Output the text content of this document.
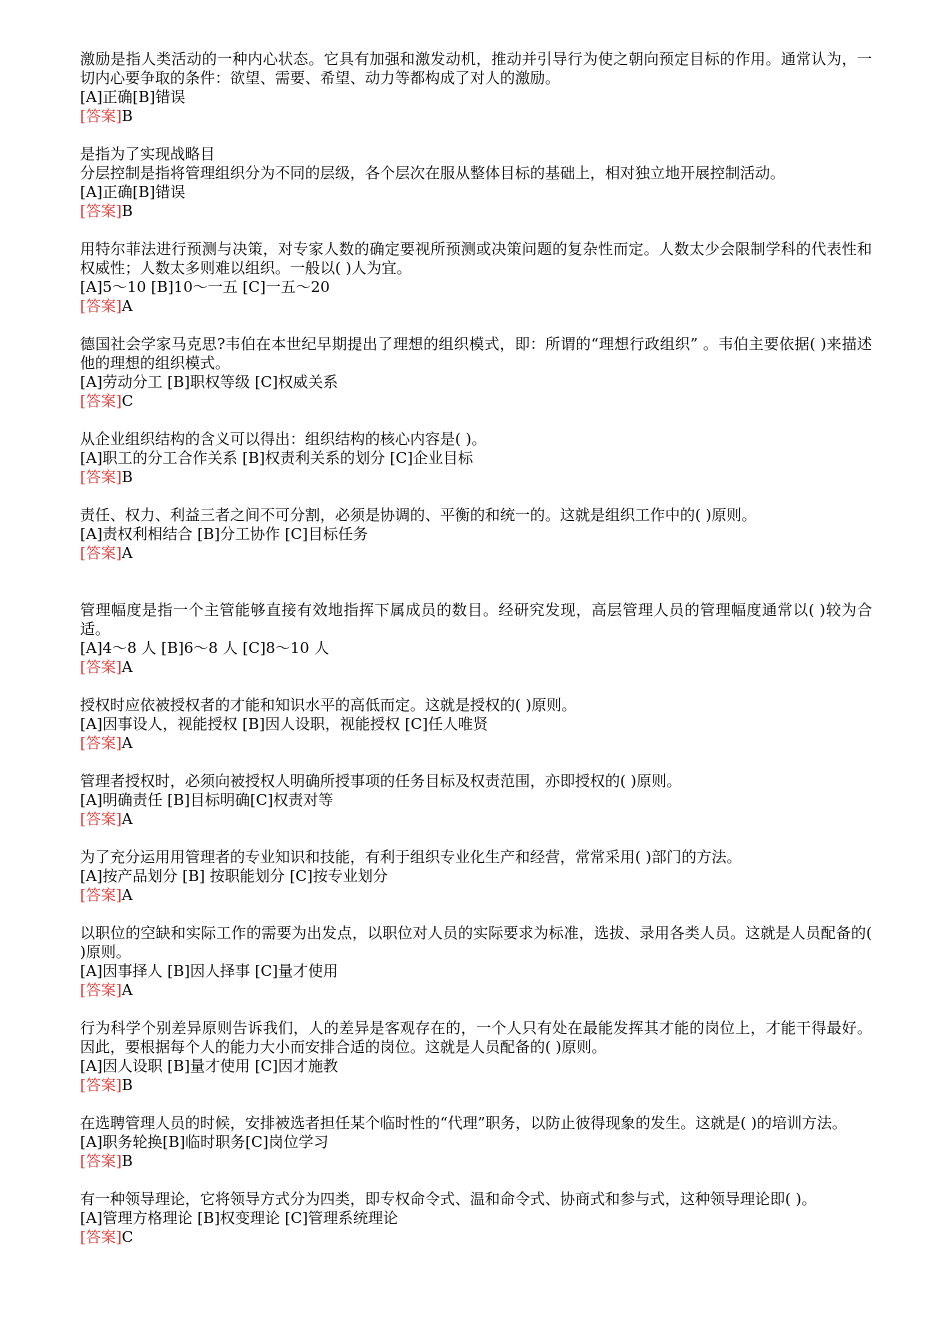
激励是指人类活动的一种内心状态。它具有加强和激发动机，推动并引导行为使之朝向预定目标的作用。通常认为，一切内心要争取的条件：欲望、需要、希望、动力等都构成了对人的激励。

[A]正确[B]错误

[答案]B

是指为了实现战略目

分层控制是指将管理组织分为不同的层级，各个层次在服从整体目标的基础上，相对独立地开展控制活动。

[A]正确[B]错误

[答案]B

用特尔菲法进行预测与决策，对专家人数的确定要视所预测或决策问题的复杂性而定。人数太少会限制学科的代表性和权威性；人数太多则难以组织。一般以( )人为宜。

[A]5～10 [B]10～一五 [C]一五～20

[答案]A

德国社会学家马克思?韦伯在本世纪早期提出了理想的组织模式，即：所谓的“理想行政组织” 。韦伯主要依据( )来描述他的理想的组织模式。

[A]劳动分工 [B]职权等级 [C]权威关系

[答案]C

从企业组织结构的含义可以得出：组织结构的核心内容是( )。

[A]职工的分工合作关系 [B]权责利关系的划分 [C]企业目标

[答案]B

责任、权力、利益三者之间不可分割，必须是协调的、平衡的和统一的。这就是组织工作中的( )原则。

[A]责权利相结合 [B]分工协作 [C]目标任务

[答案]A

管理幅度是指一个主管能够直接有效地指挥下属成员的数目。经研究发现，高层管理人员的管理幅度通常以( )较为合适。

[A]4～8 人 [B]6～8 人 [C]8～10 人

[答案]A

授权时应依被授权者的才能和知识水平的高低而定。这就是授权的( )原则。

[A]因事设人，视能授权 [B]因人设职，视能授权 [C]任人唯贤

[答案]A

管理者授权时，必须向被授权人明确所授事项的任务目标及权责范围，亦即授权的( )原则。

[A]明确责任 [B]目标明确[C]权责对等

[答案]A

为了充分运用用管理者的专业知识和技能，有利于组织专业化生产和经营，常常采用( )部门的方法。

[A]按产品划分 [B] 按职能划分 [C]按专业划分

[答案]A

以职位的空缺和实际工作的需要为出发点，以职位对人员的实际要求为标准，选拔、录用各类人员。这就是人员配备的( )原则。

[A]因事择人 [B]因人择事 [C]量才使用

[答案]A

行为科学个别差异原则告诉我们，人的差异是客观存在的，一个人只有处在最能发挥其才能的岗位上，才能干得最好。因此，要根据每个人的能力大小而安排合适的岗位。这就是人员配备的( )原则。

[A]因人设职 [B]量才使用 [C]因才施教

[答案]B

在选聘管理人员的时候，安排被选者担任某个临时性的“代理”职务，以防止彼得现象的发生。这就是( )的培训方法。

[A]职务轮换[B]临时职务[C]岗位学习

[答案]B

有一种领导理论，它将领导方式分为四类，即专权命令式、温和命令式、协商式和参与式，这种领导理论即( )。

[A]管理方格理论 [B]权变理论 [C]管理系统理论

[答案]C
